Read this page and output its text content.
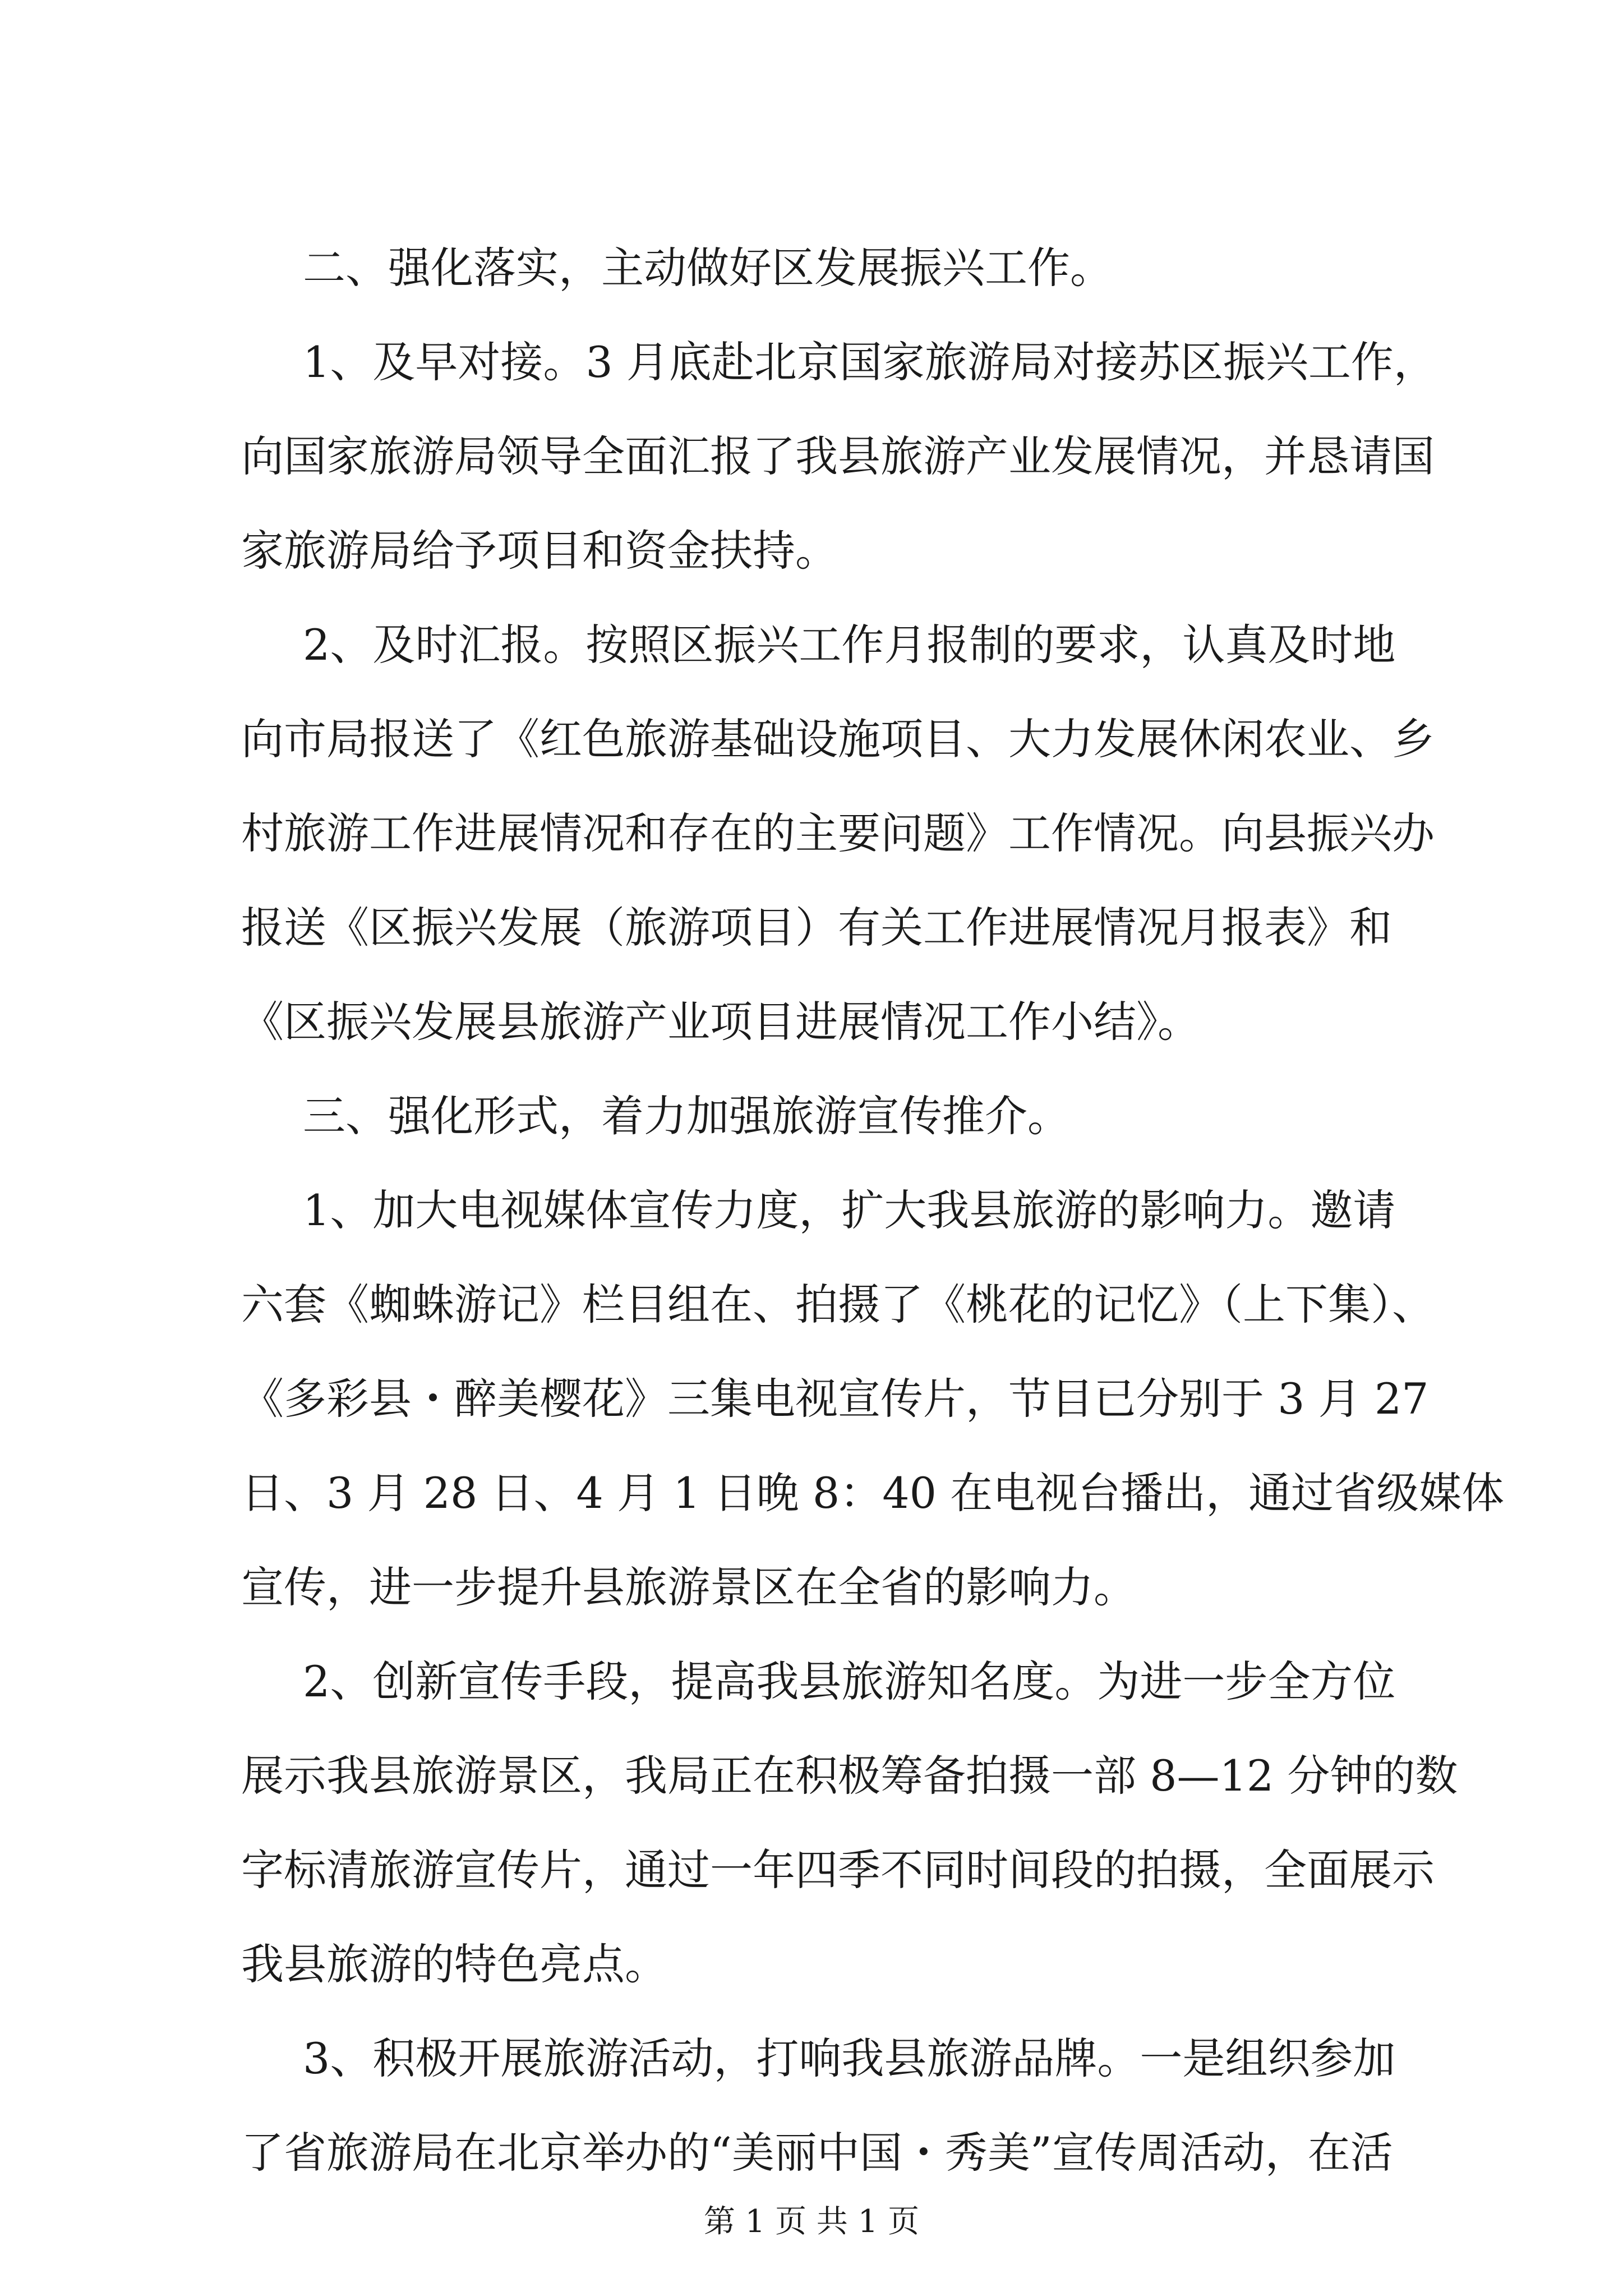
二、强化落实，主动做好区发展振兴工作。
1、及早对接。3 月底赴北京国家旅游局对接苏区振兴工作，
向国家旅游局领导全面汇报了我县旅游产业发展情况，并恳请国
家旅游局给予项目和资金扶持。
2、及时汇报。按照区振兴工作月报制的要求，认真及时地
向市局报送了《红色旅游基础设施项目、大力发展休闲农业、乡
村旅游工作进展情况和存在的主要问题》工作情况。向县振兴办
报送《区振兴发展（旅游项目）有关工作进展情况月报表》和
《区振兴发展县旅游产业项目进展情况工作小结》。
三、强化形式，着力加强旅游宣传推介。
1、加大电视媒体宣传力度，扩大我县旅游的影响力。邀请
六套《蜘蛛游记》栏目组在、拍摄了《桃花的记忆》（上下集）、
《多彩县・醉美樱花》三集电视宣传片，节目已分别于 3 月 27
日、3 月 28 日、4 月 1 日晚 8：40 在电视台播出，通过省级媒体
宣传，进一步提升县旅游景区在全省的影响力。
2、创新宣传手段，提高我县旅游知名度。为进一步全方位
展示我县旅游景区，我局正在积极筹备拍摄一部 8—12 分钟的数
字标清旅游宣传片，通过一年四季不同时间段的拍摄，全面展示
我县旅游的特色亮点。
3、积极开展旅游活动，打响我县旅游品牌。一是组织参加
了省旅游局在北京举办的“美丽中国・秀美”宣传周活动，在活
第 1 页 共 1 页
